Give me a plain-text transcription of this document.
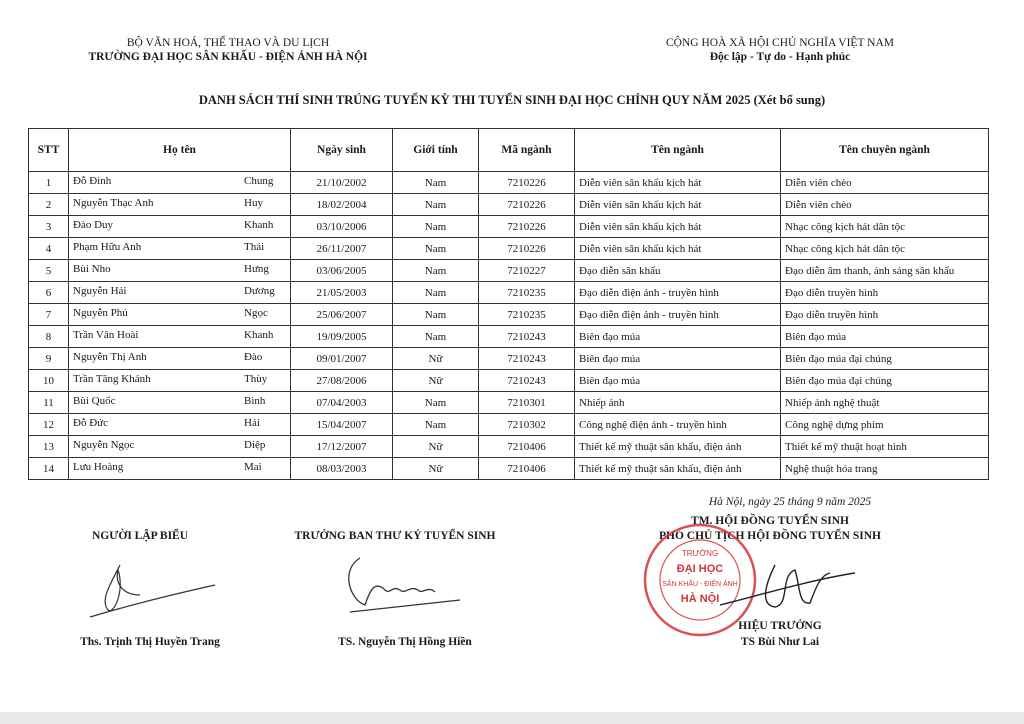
BỘ VĂN HOÁ, THỂ THAO VÀ DU LỊCH
TRƯỜNG ĐẠI HỌC SÂN KHẤU - ĐIỆN ẢNH HÀ NỘI
CỘNG HOÀ XÃ HỘI CHỦ NGHĨA VIỆT NAM
Độc lập - Tự do - Hạnh phúc
DANH SÁCH THÍ SINH TRÚNG TUYỂN KỲ THI TUYỂN SINH ĐẠI HỌC CHÍNH QUY NĂM 2025 (Xét bổ sung)
STT	Họ tên	Ngày sinh	Giới tính	Mã ngành	Tên ngành	Tên chuyên ngành
1	Đỗ Đình Chung	21/10/2002	Nam	7210226	Diễn viên sân khấu kịch hát	Diễn viên chèo
2	Nguyễn Thạc Anh Huy	18/02/2004	Nam	7210226	Diễn viên sân khấu kịch hát	Diễn viên chèo
3	Đào Duy Khanh	03/10/2006	Nam	7210226	Diễn viên sân khấu kịch hát	Nhạc công kịch hát dân tộc
4	Phạm Hữu Anh Thái	26/11/2007	Nam	7210226	Diễn viên sân khấu kịch hát	Nhạc công kịch hát dân tộc
5	Bùi Nho Hưng	03/06/2005	Nam	7210227	Đạo diễn sân khấu	Đạo diễn âm thanh, ánh sáng sân khấu
6	Nguyễn Hải Dương	21/05/2003	Nam	7210235	Đạo diễn điện ảnh - truyền hình	Đạo diễn truyền hình
7	Nguyễn Phú Ngọc	25/06/2007	Nam	7210235	Đạo diễn điện ảnh - truyền hình	Đạo diễn truyền hình
8	Trần Văn Hoài Khanh	19/09/2005	Nam	7210243	Biên đạo múa	Biên đạo múa
9	Nguyễn Thị Anh Đào	09/01/2007	Nữ	7210243	Biên đạo múa	Biên đạo múa đại chúng
10	Trần Tăng Khánh Thùy	27/08/2006	Nữ	7210243	Biên đạo múa	Biên đạo múa đại chúng
11	Bùi Quốc Bình	07/04/2003	Nam	7210301	Nhiếp ảnh	Nhiếp ảnh nghệ thuật
12	Đỗ Đức Hải	15/04/2007	Nam	7210302	Công nghệ điện ảnh - truyền hình	Công nghệ dựng phim
13	Nguyễn Ngọc Diệp	17/12/2007	Nữ	7210406	Thiết kế mỹ thuật sân khấu, điện ảnh	Thiết kế mỹ thuật hoạt hình
14	Lưu Hoàng Mai	08/03/2003	Nữ	7210406	Thiết kế mỹ thuật sân khấu, điện ảnh	Nghệ thuật hóa trang
Hà Nội, ngày 25 tháng 9 năm 2025
NGƯỜI LẬP BIỂU	TRƯỞNG BAN THƯ KÝ TUYỂN SINH
TM. HỘI ĐỒNG TUYỂN SINH
PHÓ CHỦ TỊCH HỘI ĐỒNG TUYỂN SINH
TRƯỜNG
ĐẠI HỌC
SÂN KHẤU - ĐIỆN ẢNH
HÀ NỘI
Ths. Trịnh Thị Huyền Trang	TS. Nguyễn Thị Hồng Hiền
HIỆU TRƯỞNG
TS Bùi Như Lai
